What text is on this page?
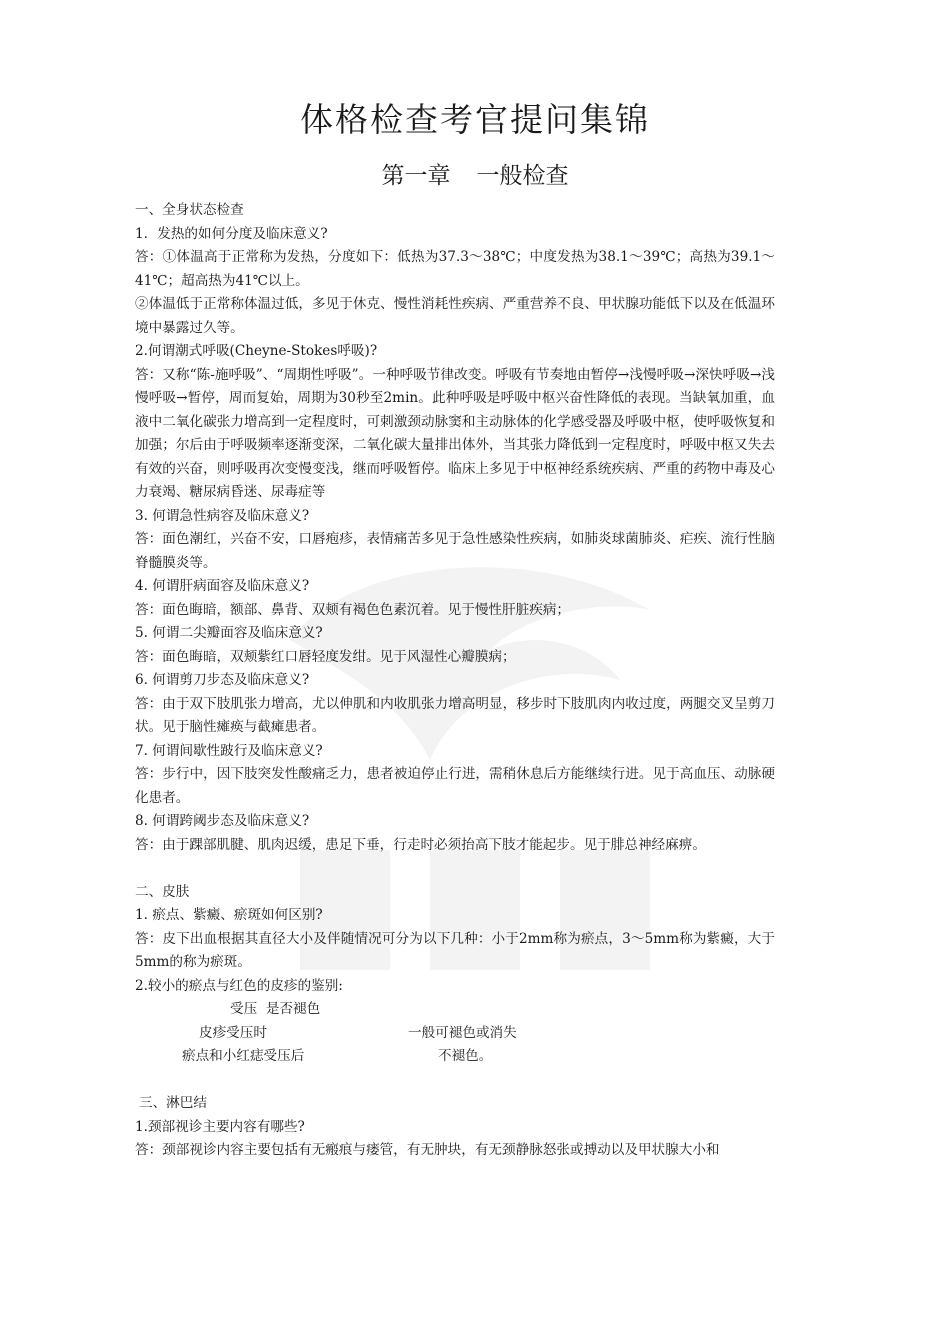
体格检查考官提问集锦
第一章 一般检查

一、全身状态检查

1．发热的如何分度及临床意义?

答：①体温高于正常称为发热，分度如下：低热为37.3～38℃；中度发热为38.1～39℃；高热为39.1～41℃；超高热为41℃以上。

②体温低于正常称体温过低，多见于休克、慢性消耗性疾病、严重营养不良、甲状腺功能低下以及在低温环境中暴露过久等。

2.何谓潮式呼吸(Cheyne-Stokes呼吸)?

答：又称“陈-施呼吸”、“周期性呼吸”。一种呼吸节律改变。呼吸有节奏地由暂停→浅慢呼吸→深快呼吸→浅慢呼吸→暂停，周而复始，周期为30秒至2min。此种呼吸是呼吸中枢兴奋性降低的表现。当缺氧加重，血液中二氧化碳张力增高到一定程度时，可刺激颈动脉窦和主动脉体的化学感受器及呼吸中枢，使呼吸恢复和加强；尔后由于呼吸频率逐渐变深，二氧化碳大量排出体外，当其张力降低到一定程度时，呼吸中枢又失去有效的兴奋，则呼吸再次变慢变浅，继而呼吸暂停。临床上多见于中枢神经系统疾病、严重的药物中毒及心力衰竭、糖尿病昏迷、尿毒症等

3. 何谓急性病容及临床意义?

答：面色潮红，兴奋不安，口唇疱疹，表情痛苦多见于急性感染性疾病，如肺炎球菌肺炎、疟疾、流行性脑脊髓膜炎等。

4. 何谓肝病面容及临床意义?

答：面色晦暗，额部、鼻背、双颊有褐色色素沉着。见于慢性肝脏疾病；

5. 何谓二尖瓣面容及临床意义?

答：面色晦暗，双颊紫红口唇轻度发绀。见于风湿性心瓣膜病；

6. 何谓剪刀步态及临床意义?

答：由于双下肢肌张力增高，尤以伸肌和内收肌张力增高明显，移步时下肢肌肉内收过度，两腿交叉呈剪刀状。见于脑性瘫痪与截瘫患者。

7. 何谓间歇性跛行及临床意义?

答：步行中，因下肢突发性酸痛乏力，患者被迫停止行进，需稍休息后方能继续行进。见于高血压、动脉硬化患者。

8. 何谓跨阈步态及临床意义?

答：由于踝部肌腱、肌肉迟缓，患足下垂，行走时必须抬高下肢才能起步。见于腓总神经麻痹。

二、皮肤

1. 瘀点、紫癜、瘀斑如何区别?

答：皮下出血根据其直径大小及伴随情况可分为以下几种：小于2mm称为瘀点，3～5mm称为紫癜，大于5mm的称为瘀斑。

2.较小的瘀点与红色的皮疹的鉴别:

受压  是否褪色
皮疹受压时	一般可褪色或消失
瘀点和小红痣受压后	不褪色。

三、淋巴结

1.颈部视诊主要内容有哪些?

答：颈部视诊内容主要包括有无瘢痕与瘘管，有无肿块，有无颈静脉怒张或搏动以及甲状腺大小和
